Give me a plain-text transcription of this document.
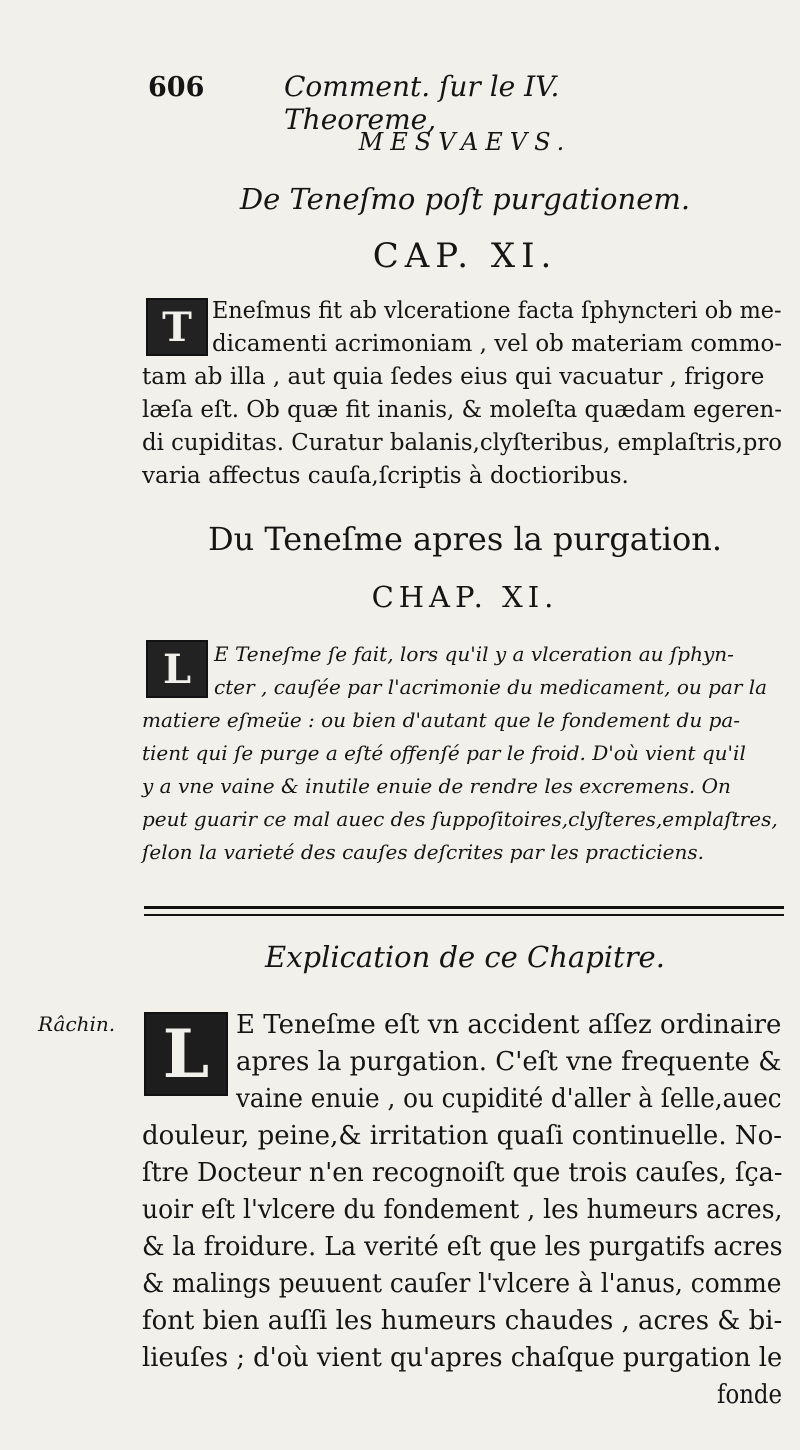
606	Comment. ſur le IV. Theoreme,
MESVAEVS.
De Teneſmo poſt purgationem.
CAP. XI.
T Eneſmus fit ab vlceratione facta ſphyncteri ob me-
dicamenti acrimoniam , vel ob materiam commo-
tam ab illa , aut quia ſedes eius qui vacuatur , frigore
læſa eſt. Ob quæ fit inanis, & moleſta quædam egeren-
di cupiditas. Curatur balanis,clyſteribus, emplaſtris,pro
varia affectus cauſa,ſcriptis à doctioribus.
Du Teneſme apres la purgation.
CHAP. XI.
L	E Teneſme ſe fait, lors qu'il y a vlceration au ſphyn-
cter , cauſée par l'acrimonie du medicament, ou par la
matiere eſmeüe : ou bien d'autant que le fondement du pa-
tient qui ſe purge a eſté offenſé par le froid. D'où vient qu'il
y a vne vaine & inutile enuie de rendre les excremens. On
peut guarir ce mal auec des ſuppoſitoires,clyſteres,emplaſtres,
ſelon la varieté des cauſes deſcrites par les practiciens.
Explication de ce Chapitre.
Râchin. L	E Teneſme eſt vn accident aſſez ordinaire
apres la purgation. C'eſt vne frequente &
vaine enuie , ou cupidité d'aller à ſelle,auec
douleur, peine,& irritation quaſi continuelle. No-
ſtre Docteur n'en recognoiſt que trois cauſes, ſça-
uoir eſt l'vlcere du fondement , les humeurs acres,
& la froidure. La verité eſt que les purgatifs acres
& malings peuuent cauſer l'vlcere à l'anus, comme
font bien auſſi les humeurs chaudes , acres & bi-
lieuſes ; d'où vient qu'apres chaſque purgation le
fonde
